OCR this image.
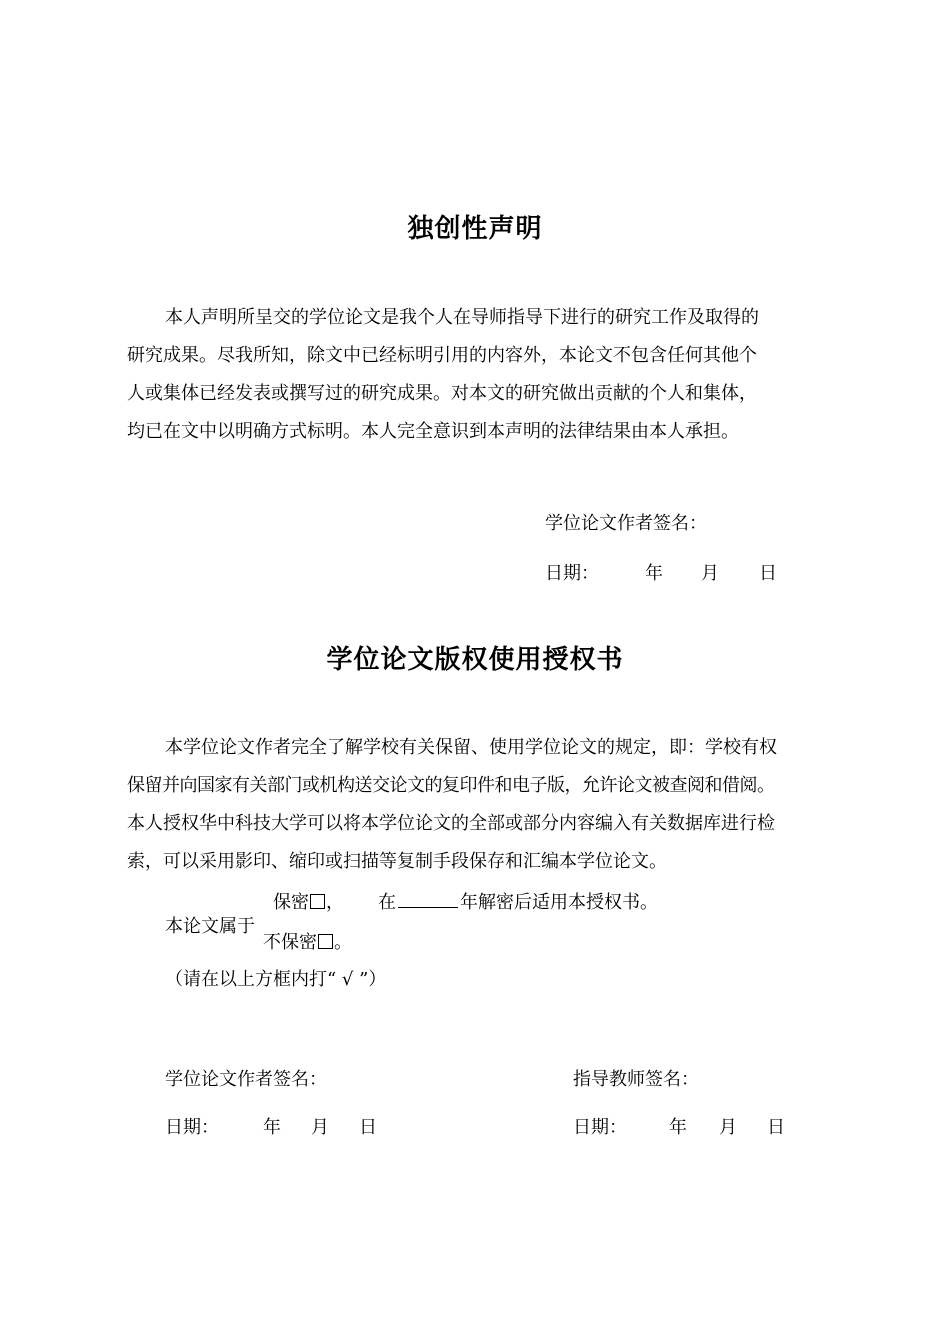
独创性声明
本人声明所呈交的学位论文是我个人在导师指导下进行的研究工作及取得的
研究成果。尽我所知，除文中已经标明引用的内容外，本论文不包含任何其他个
人或集体已经发表或撰写过的研究成果。对本文的研究做出贡献的个人和集体，
均已在文中以明确方式标明。本人完全意识到本声明的法律结果由本人承担。
学位论文作者签名：
日期：	年 月 日
学位论文版权使用授权书
本学位论文作者完全了解学校有关保留、使用学位论文的规定，即：学校有权
保留并向国家有关部门或机构送交论文的复印件和电子版，允许论文被查阅和借阅。
本人授权华中科技大学可以将本学位论文的全部或部分内容编入有关数据库进行检
索，可以采用影印、缩印或扫描等复制手段保存和汇编本学位论文。
保密 ， 在	年解密后适用本授权书。
本论文属于
不保密 。
（请在以上方框内打“ √ ”）
学位论文作者签名：	指导教师签名：
日期： 年 月 日	日期： 年 月 日
